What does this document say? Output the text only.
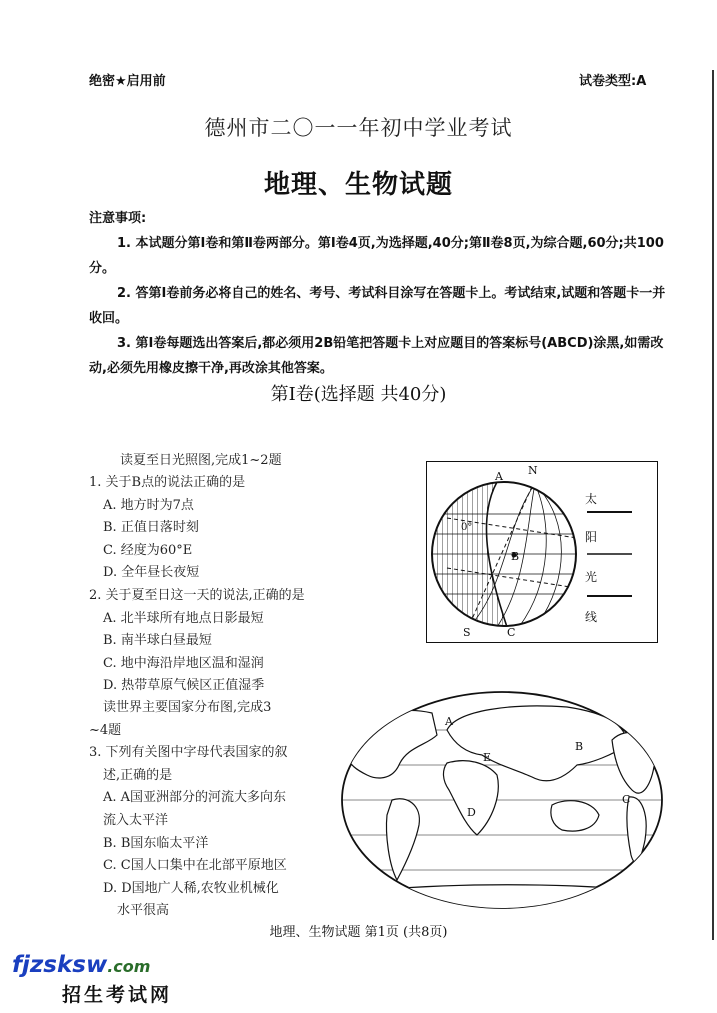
绝密★启用前	试卷类型:A
德州市二〇一一年初中学业考试
地理、生物试题

注意事项:

1. 本试题分第Ⅰ卷和第Ⅱ卷两部分。第Ⅰ卷4页,为选择题,40分;第Ⅱ卷8页,为综合题,60分;共100分。

2. 答第Ⅰ卷前务必将自己的姓名、考号、考试科目涂写在答题卡上。考试结束,试题和答题卡一并收回。

3. 第Ⅰ卷每题选出答案后,都必须用2B铅笔把答题卡上对应题目的答案标号(ABCD)涂黑,如需改动,必须先用橡皮擦干净,再改涂其他答案。

第Ⅰ卷(选择题 共40分)
读夏至日光照图,完成1~2题
1. 关于B点的说法正确的是
A. 地方时为7点
B. 正值日落时刻
C. 经度为60°E
D. 全年昼长夜短
2. 关于夏至日这一天的说法,正确的是
A. 北半球所有地点日影最短
B. 南半球白昼最短
C. 地中海沿岸地区温和湿润
D. 热带草原气候区正值湿季
读世界主要国家分布图,完成3
~4题
3. 下列有关图中字母代表国家的叙
述,正确的是
A. A国亚洲部分的河流大多向东
流入太平洋
B. B国东临太平洋
C. C国人口集中在北部平原地区
D. D国地广人稀,农牧业机械化
水平很高
A N
B
S	C
0°
太
阳
光
线
A
B
C
D
E
地理、生物试题 第1页 (共8页)
fjzsksw.com
招生考试网
